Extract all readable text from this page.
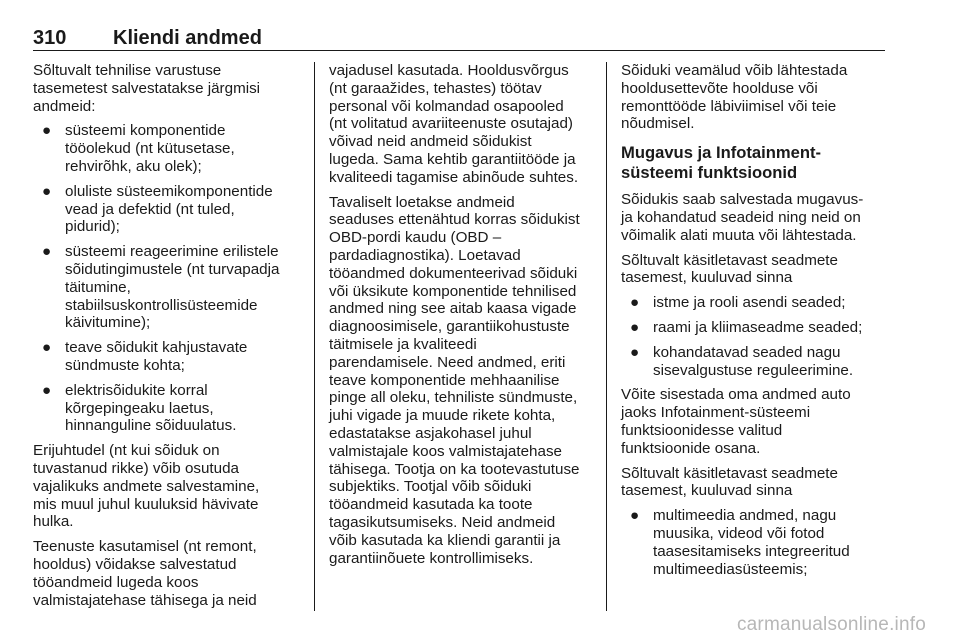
310 Kliendi andmed

Sõltuvalt tehnilise varustuse
tasemetest salvestatakse järgmisi
andmeid:

● süsteemi komponentide
tööolekud (nt kütusetase,
rehvirõhk, aku olek);
● oluliste süsteemikomponentide
vead ja defektid (nt tuled,
pidurid);
● süsteemi reageerimine erilistele
sõidutingimustele (nt turvapadja
täitumine,
stabiilsuskontrollisüsteemide
käivitumine);
● teave sõidukit kahjustavate
sündmuste kohta;
● elektrisõidukite korral
kõrgepingeaku laetus,
hinnanguline sõiduulatus.

Erijuhtudel (nt kui sõiduk on
tuvastanud rikke) võib osutuda
vajalikuks andmete salvestamine,
mis muul juhul kuuluksid hävivate
hulka.

Teenuste kasutamisel (nt remont,
hooldus) võidakse salvestatud
tööandmeid lugeda koos
valmistajatehase tähisega ja neid

vajadusel kasutada. Hooldusvõrgus
(nt garaažides, tehastes) töötav
personal või kolmandad osapooled
(nt volitatud avariiteenuste osutajad)
võivad neid andmeid sõidukist
lugeda. Sama kehtib garantiitööde ja
kvaliteedi tagamise abinõude suhtes.

Tavaliselt loetakse andmeid
seaduses ettenähtud korras sõidukist
OBD-pordi kaudu (OBD –
pardadiagnostika). Loetavad
tööandmed dokumenteerivad sõiduki
või üksikute komponentide tehnilised
andmed ning see aitab kaasa vigade
diagnoosimisele, garantiikohustuste
täitmisele ja kvaliteedi
parendamisele. Need andmed, eriti
teave komponentide mehhaanilise
pinge all oleku, tehniliste sündmuste,
juhi vigade ja muude rikete kohta,
edastatakse asjakohasel juhul
valmistajale koos valmistajatehase
tähisega. Tootja on ka tootevastutuse
subjektiks. Tootjal võib sõiduki
tööandmeid kasutada ka toote
tagasikutsumiseks. Neid andmeid
võib kasutada ka kliendi garantii ja
garantiinõuete kontrollimiseks.

Sõiduki veamälud võib lähtestada
hooldusettevõte hoolduse või
remonttööde läbiviimisel või teie
nõudmisel.

Mugavus ja Infotainment-
süsteemi funktsioonid

Sõidukis saab salvestada mugavus-
ja kohandatud seadeid ning neid on
võimalik alati muuta või lähtestada.

Sõltuvalt käsitletavast seadmete
tasemest, kuuluvad sinna

● istme ja rooli asendi seaded;
● raami ja kliimaseadme seaded;
● kohandatavad seaded nagu
sisevalgustuse reguleerimine.

Võite sisestada oma andmed auto
jaoks Infotainment-süsteemi
funktsioonidesse valitud
funktsioonide osana.

Sõltuvalt käsitletavast seadmete
tasemest, kuuluvad sinna

● multimeedia andmed, nagu
muusika, videod või fotod
taasesitamiseks integreeritud
multimeediasüsteemis;
carmanualsonline.info
